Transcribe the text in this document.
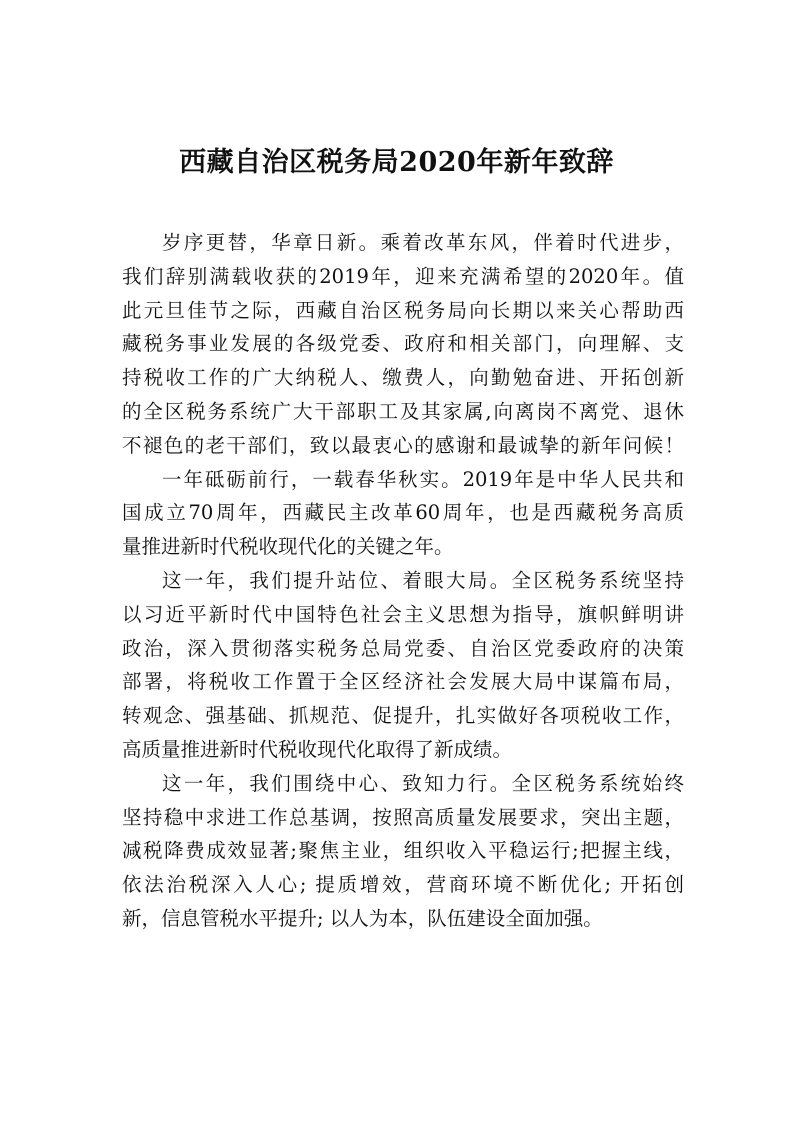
西藏自治区税务局2020年新年致辞
岁序更替，华章日新。乘着改革东风，伴着时代进步，
我们辞别满载收获的2019年，迎来充满希望的2020年。值
此元旦佳节之际，西藏自治区税务局向长期以来关心帮助西
藏税务事业发展的各级党委、政府和相关部门，向理解、支
持税收工作的广大纳税人、缴费人，向勤勉奋进、开拓创新
的全区税务系统广大干部职工及其家属,向离岗不离党、退休
不褪色的老干部们，致以最衷心的感谢和最诚挚的新年问候！
一年砥砺前行，一载春华秋实。2019年是中华人民共和
国成立70周年，西藏民主改革60周年，也是西藏税务高质
量推进新时代税收现代化的关键之年。
这一年，我们提升站位、着眼大局。全区税务系统坚持
以习近平新时代中国特色社会主义思想为指导，旗帜鲜明讲
政治，深入贯彻落实税务总局党委、自治区党委政府的决策
部署，将税收工作置于全区经济社会发展大局中谋篇布局，
转观念、强基础、抓规范、促提升，扎实做好各项税收工作，
高质量推进新时代税收现代化取得了新成绩。
这一年，我们围绕中心、致知力行。全区税务系统始终
坚持稳中求进工作总基调，按照高质量发展要求，突出主题，
减税降费成效显著;聚焦主业，组织收入平稳运行;把握主线，
依法治税深入人心; 提质增效，营商环境不断优化; 开拓创
新，信息管税水平提升; 以人为本，队伍建设全面加强。
